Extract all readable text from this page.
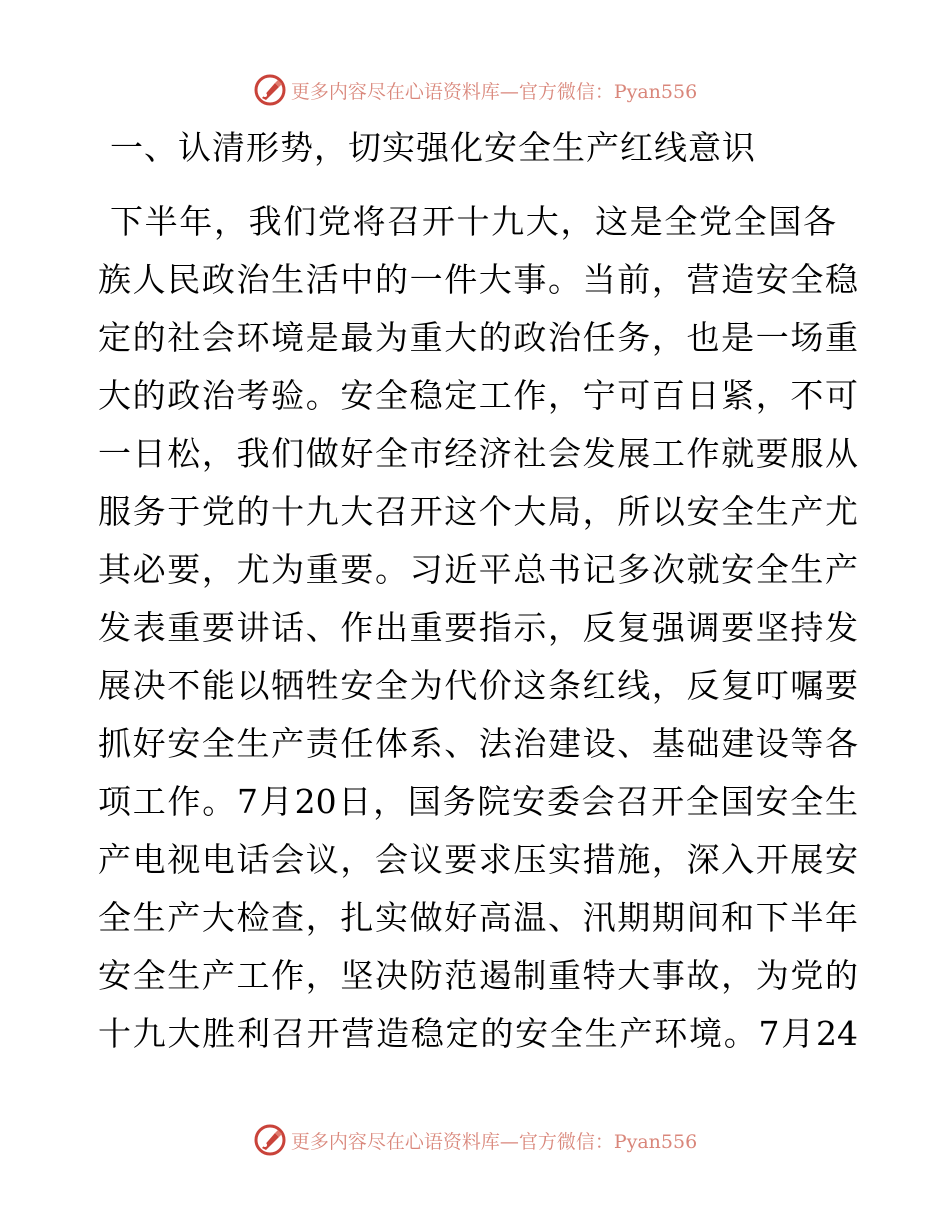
更多内容尽在心语资料库—官方微信：Pyan556
一、认清形势，切实强化安全生产红线意识
下半年，我们党将召开十九大，这是全党全国各
族人民政治生活中的一件大事。当前，营造安全稳
定的社会环境是最为重大的政治任务，也是一场重
大的政治考验。安全稳定工作，宁可百日紧，不可
一日松，我们做好全市经济社会发展工作就要服从
服务于党的十九大召开这个大局，所以安全生产尤
其必要，尤为重要。习近平总书记多次就安全生产
发表重要讲话、作出重要指示，反复强调要坚持发
展决不能以牺牲安全为代价这条红线，反复叮嘱要
抓好安全生产责任体系、法治建设、基础建设等各
项工作。7月20日，国务院安委会召开全国安全生
产电视电话会议，会议要求压实措施，深入开展安
全生产大检查，扎实做好高温、汛期期间和下半年
安全生产工作，坚决防范遏制重特大事故，为党的
十九大胜利召开营造稳定的安全生产环境。7月24
更多内容尽在心语资料库—官方微信：Pyan556
